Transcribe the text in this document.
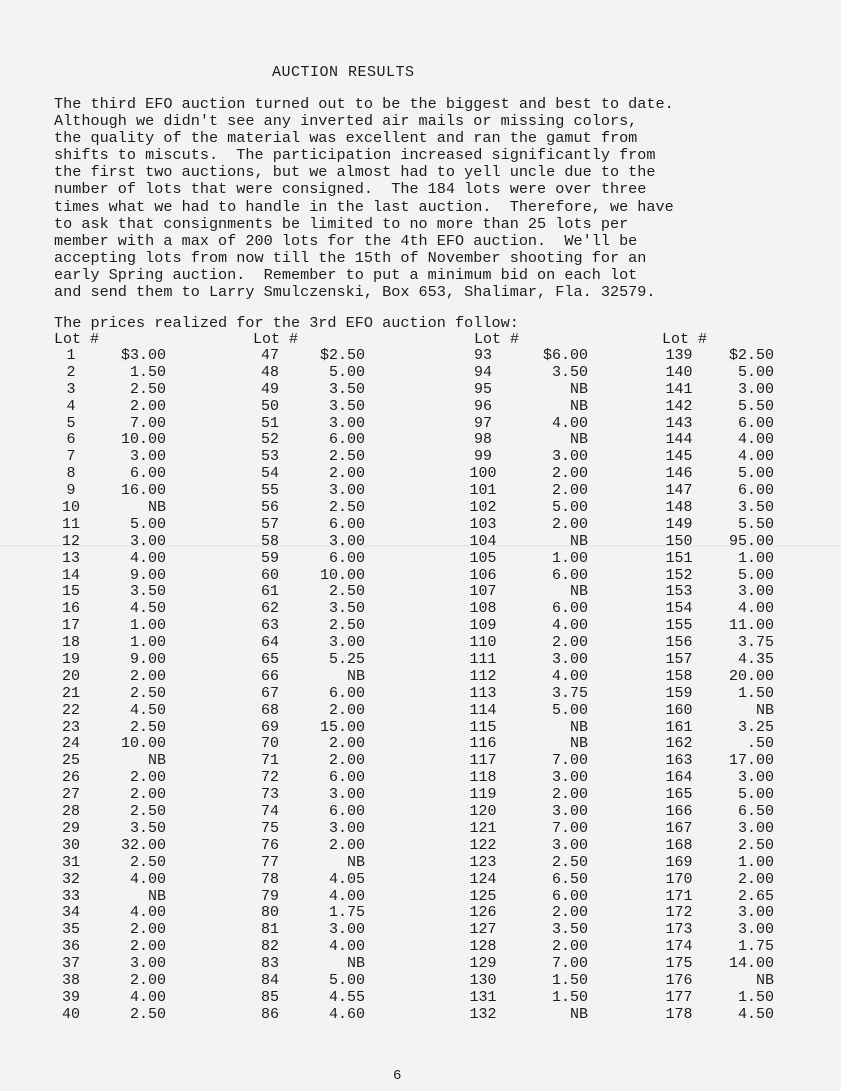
AUCTION RESULTS
The third EFO auction turned out to be the biggest and best to date.
Although we didn't see any inverted air mails or missing colors,
the quality of the material was excellent and ran the gamut from
shifts to miscuts.  The participation increased significantly from
the first two auctions, but we almost had to yell uncle due to the
number of lots that were consigned.  The 184 lots were over three
times what we had to handle in the last auction.  Therefore, we have
to ask that consignments be limited to no more than 25 lots per
member with a max of 200 lots for the 4th EFO auction.  We'll be
accepting lots from now till the 15th of November shooting for an
early Spring auction.  Remember to put a minimum bid on each lot
and send them to Larry Smulczenski, Box 653, Shalimar, Fla. 32579.
The prices realized for the 3rd EFO auction follow:
Lot #
1	$3.00
2	1.50
3	2.50
4	2.00
5	7.00
6	10.00
7	3.00
8	6.00
9	16.00
10	NB
11	5.00
12	3.00
13	4.00
14	9.00
15	3.50
16	4.50
17	1.00
18	1.00
19	9.00
20	2.00
21	2.50
22	4.50
23	2.50
24	10.00
25	NB
26	2.00
27	2.00
28	2.50
29	3.50
30	32.00
31	2.50
32	4.00
33	NB
34	4.00
35	2.00
36	2.00
37	3.00
38	2.00
39	4.00
40	2.50
Lot #
47	$2.50
48	5.00
49	3.50
50	3.50
51	3.00
52	6.00
53	2.50
54	2.00
55	3.00
56	2.50
57	6.00
58	3.00
59	6.00
60	10.00
61	2.50
62	3.50
63	2.50
64	3.00
65	5.25
66	NB
67	6.00
68	2.00
69	15.00
70	2.00
71	2.00
72	6.00
73	3.00
74	6.00
75	3.00
76	2.00
77	NB
78	4.05
79	4.00
80	1.75
81	3.00
82	4.00
83	NB
84	5.00
85	4.55
86	4.60
Lot #
93	$6.00
94	3.50
95	NB
96	NB
97	4.00
98	NB
99	3.00
100	2.00
101	2.00
102	5.00
103	2.00
104	NB
105	1.00
106	6.00
107	NB
108	6.00
109	4.00
110	2.00
111	3.00
112	4.00
113	3.75
114	5.00
115	NB
116	NB
117	7.00
118	3.00
119	2.00
120	3.00
121	7.00
122	3.00
123	2.50
124	6.50
125	6.00
126	2.00
127	3.50
128	2.00
129	7.00
130	1.50
131	1.50
132	NB
Lot #
139 $2.50
140	5.00
141	3.00
142	5.50
143	6.00
144	4.00
145	4.00
146	5.00
147	6.00
148	3.50
149	5.50
150 95.00
151	1.00
152	5.00
153	3.00
154	4.00
155 11.00
156	3.75
157	4.35
158 20.00
159	1.50
160	NB
161	3.25
162	.50
163 17.00
164	3.00
165	5.00
166	6.50
167	3.00
168	2.50
169	1.00
170	2.00
171	2.65
172	3.00
173	3.00
174	1.75
175 14.00
176	NB
177	1.50
178	4.50
6
